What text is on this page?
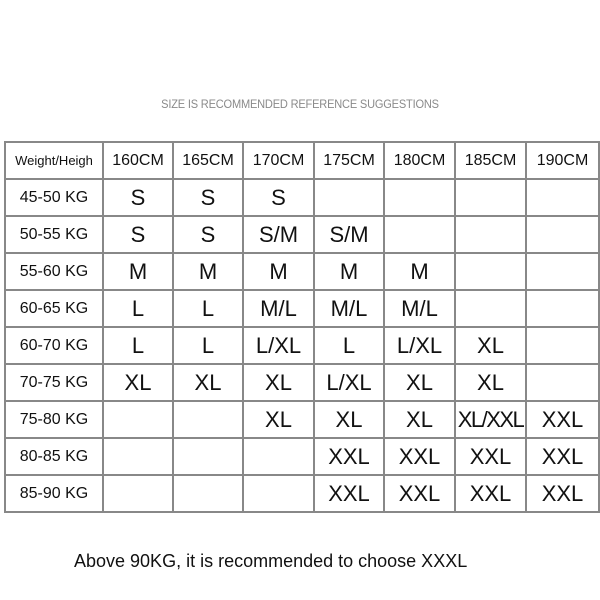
SIZE IS RECOMMENDED REFERENCE SUGGESTIONS
Weight/Heigh	160CM	165CM	170CM	175CM	180CM	185CM	190CM
45-50 KG	S	S	S				
50-55 KG	S	S	S/M	S/M			
55-60 KG	M	M	M	M	M		
60-65 KG	L	L	M/L	M/L	M/L		
60-70 KG	L	L	L/XL	L	L/XL	XL	
70-75 KG	XL	XL	XL	L/XL	XL	XL	
75-80 KG			XL	XL	XL	XL/XXL	XXL
80-85 KG				XXL	XXL	XXL	XXL
85-90 KG				XXL	XXL	XXL	XXL
Above 90KG, it is recommended to choose XXXL
